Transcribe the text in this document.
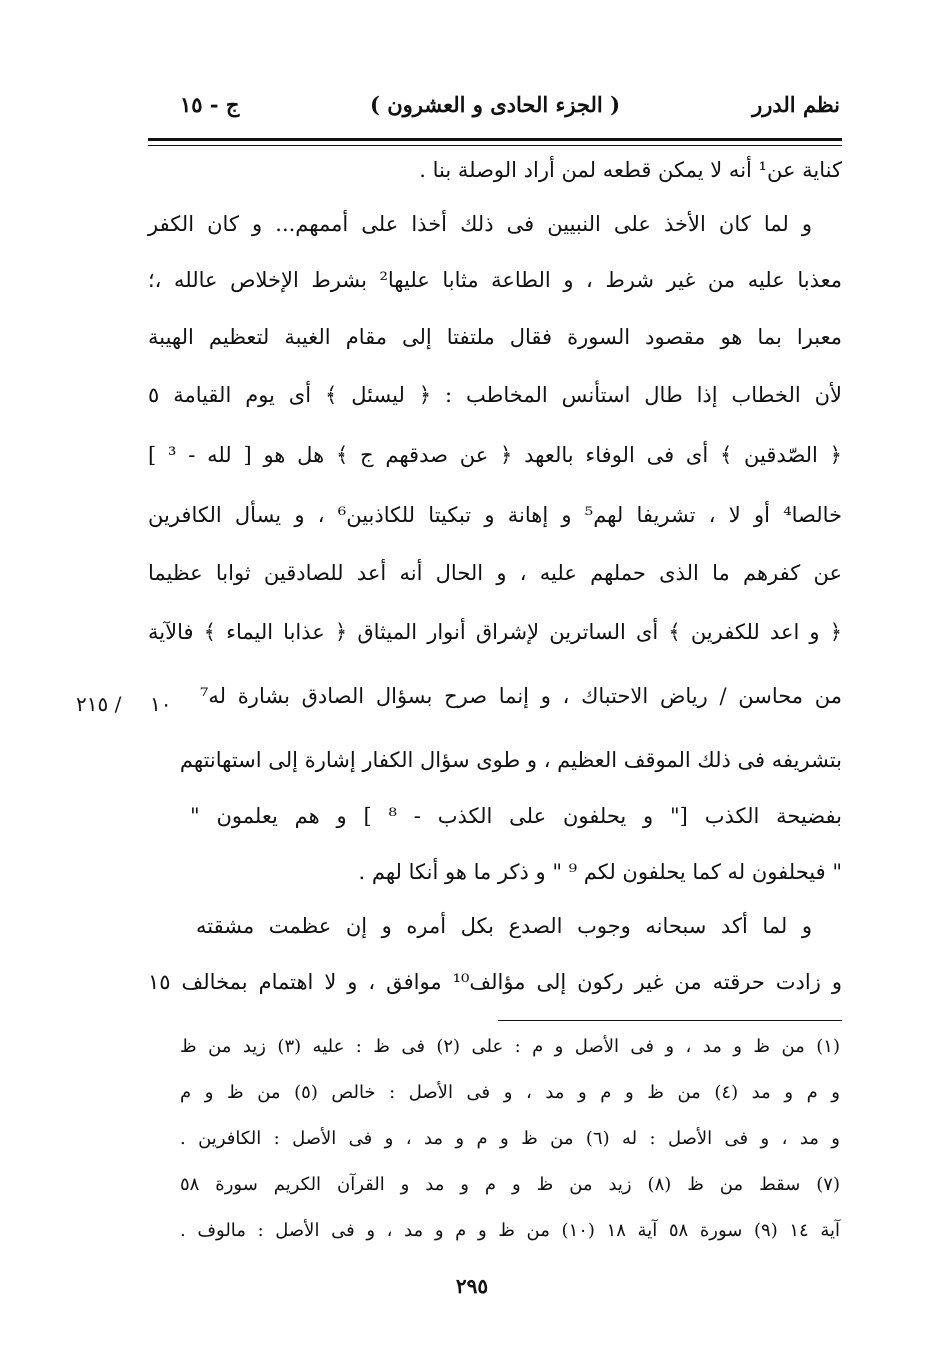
نظم الدرر
( الجزء الحادى و العشرون )
ج - ١٥
كناية عن¹ أنه لا يمكن قطعه لمن أراد الوصلة بنا .
و لما كان الأخذ على النبيين فى ذلك أخذا على أممهم... و كان الكفر
معذبا عليه من غير شرط ، و الطاعة مثابا عليها² بشرط الإخلاص عالله ،؛
معبرا بما هو مقصود السورة فقال ملتفتا إلى مقام الغيبة لتعظيم الهيبة
لأن الخطاب إذا طال استأنس المخاطب : ﴿ ليسئل ﴾ أى يوم القيامة ٥
﴿ الصّدقين ﴾ أى فى الوفاء بالعهد ﴿ عن صدقهم ج ﴾ هل هو [ لله - ³ ]
خالصا⁴ أو لا ، تشريفا لهم⁵ و إهانة و تبكيتا للكاذبين⁶ ، و يسأل الكافرين
عن كفرهم ما الذى حملهم عليه ، و الحال أنه أعد للصادقين ثوابا عظيما
﴿ و اعد للكفرين ﴾ أى الساترين لإشراق أنوار الميثاق ﴿ عذابا اليماء ﴾ فالآية
من محاسن / رياض الاحتباك ، و إنما صرح بسؤال الصادق بشارة له⁷
بتشريفه فى ذلك الموقف العظيم ، و طوى سؤال الكفار إشارة إلى استهانتهم
بفضيحة الكذب [" و يحلفون على الكذب - ⁸ ] و هم يعلمون "
" فيحلفون له كما يحلفون لكم ⁹ " و ذكر ما هو أنكا لهم .
و لما أكد سبحانه وجوب الصدع بكل أمره و إن عظمت مشقته
و زادت حرقته من غير ركون إلى مؤالف¹⁰ موافق ، و لا اهتمام بمخالف ١٥
١٠
٢١٥ /
(١) من ظ و مد ، و فى الأصل و م : على (٢) فى ظ : عليه (٣) زيد من ظ
و م و مد (٤) من ظ و م و مد ، و فى الأصل : خالص (٥) من ظ و م
و مد ، و فى الأصل : له (٦) من ظ و م و مد ، و فى الأصل : الكافرين .
(٧) سقط من ظ (٨) زيد من ظ و م و مد و القرآن الكريم سورة ٥٨
آية ١٤ (٩) سورة ٥٨ آية ١٨ (١٠) من ظ و م و مد ، و فى الأصل : مالوف .
٢٩٥
